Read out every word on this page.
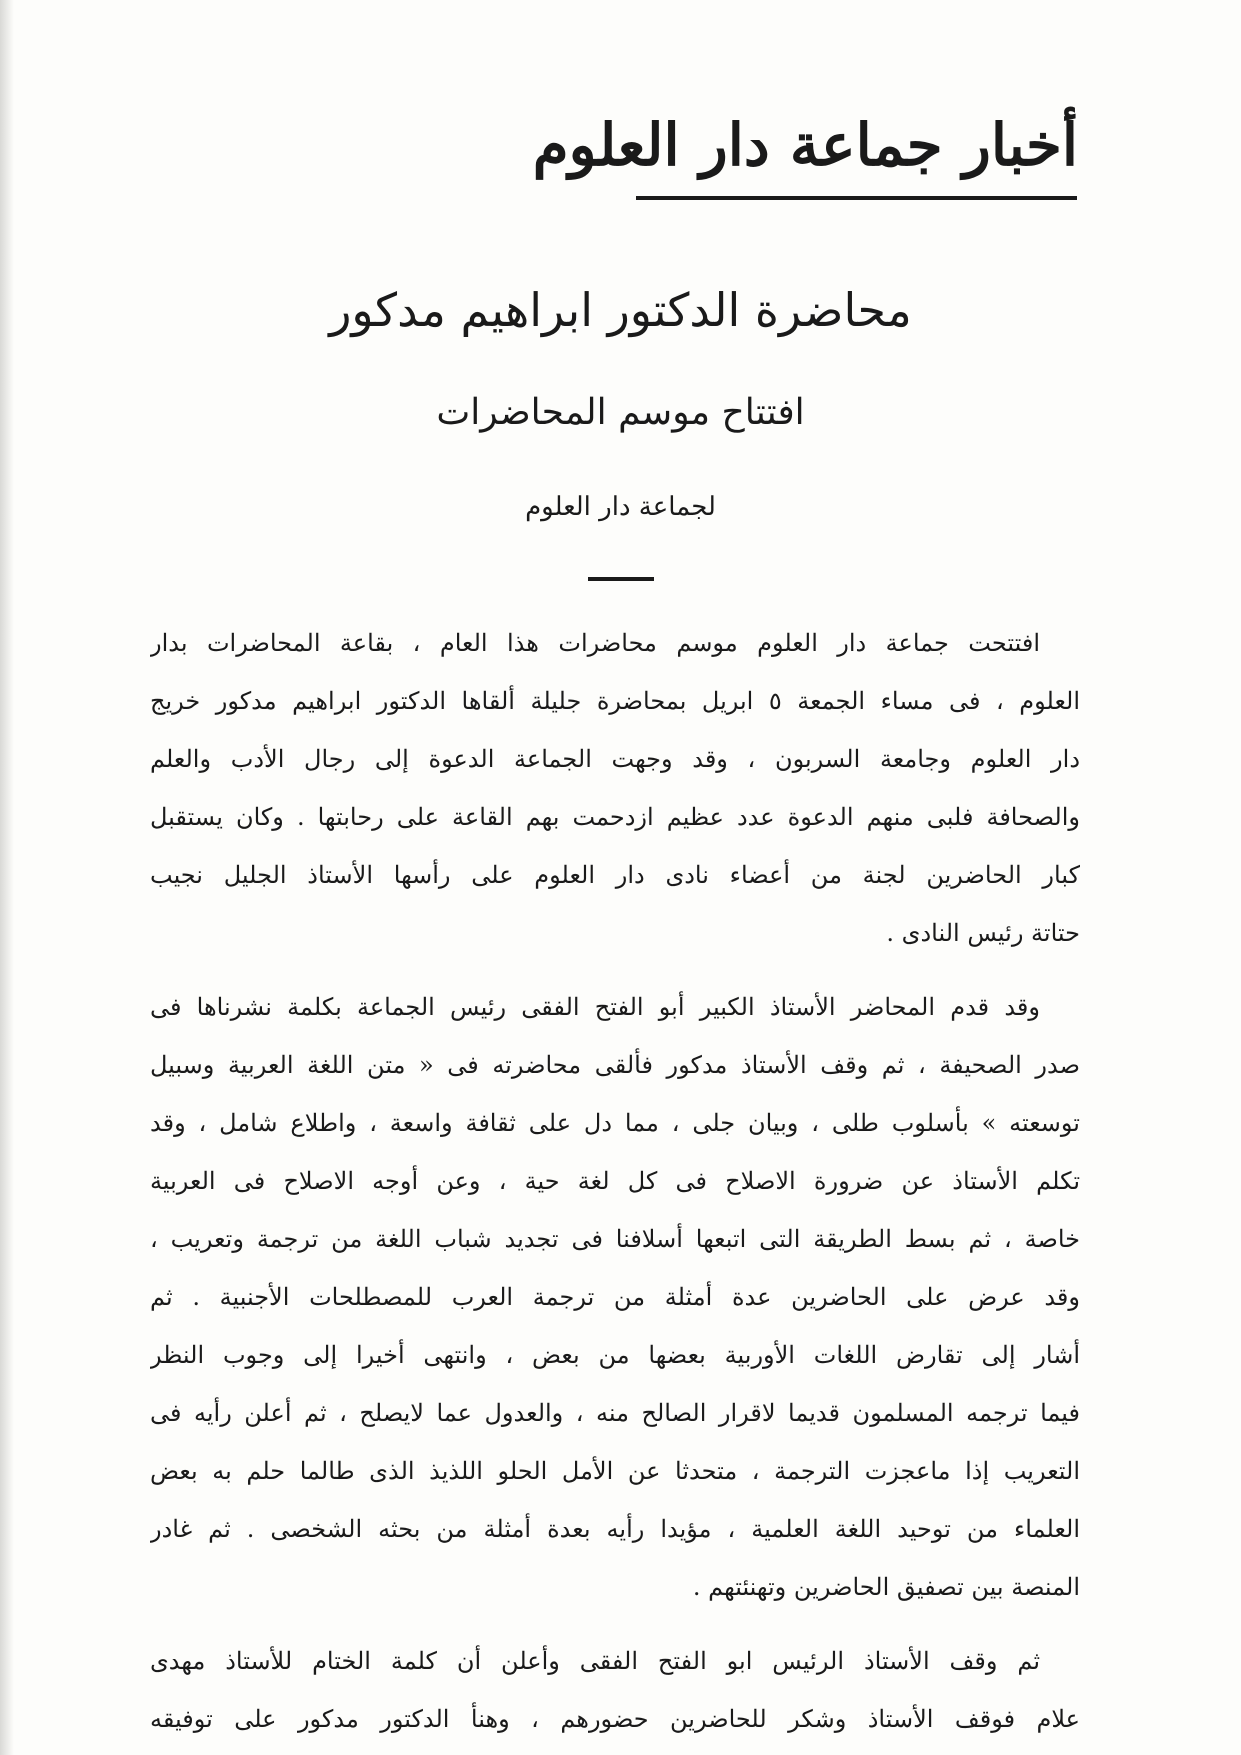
أخبار جماعة دار العلوم
محاضرة الدكتور ابراهيم مدكور
افتتاح موسم المحاضرات
لجماعة دار العلوم
افتتحت جماعة دار العلوم موسم محاضرات هذا العام ، بقاعة المحاضرات بدار
العلوم ، فى مساء الجمعة ٥ ابريل بمحاضرة جليلة ألقاها الدكتور ابراهيم مدكور خريج
دار العلوم وجامعة السربون ، وقد وجهت الجماعة الدعوة إلى رجال الأدب والعلم
والصحافة فلبى منهم الدعوة عدد عظيم ازدحمت بهم القاعة على رحابتها . وكان يستقبل
كبار الحاضرين لجنة من أعضاء نادى دار العلوم على رأسها الأستاذ الجليل نجيب
حتاتة رئيس النادى .
وقد قدم المحاضر الأستاذ الكبير أبو الفتح الفقى رئيس الجماعة بكلمة نشرناها فى
صدر الصحيفة ، ثم وقف الأستاذ مدكور فألقى محاضرته فى « متن اللغة العربية وسبيل
توسعته » بأسلوب طلى ، وبيان جلى ، مما دل على ثقافة واسعة ، واطلاع شامل ، وقد
تكلم الأستاذ عن ضرورة الاصلاح فى كل لغة حية ، وعن أوجه الاصلاح فى العربية
خاصة ، ثم بسط الطريقة التى اتبعها أسلافنا فى تجديد شباب اللغة من ترجمة وتعريب ،
وقد عرض على الحاضرين عدة أمثلة من ترجمة العرب للمصطلحات الأجنبية . ثم
أشار إلى تقارض اللغات الأوربية بعضها من بعض ، وانتهى أخيرا إلى وجوب النظر
فيما ترجمه المسلمون قديما لاقرار الصالح منه ، والعدول عما لايصلح ، ثم أعلن رأيه فى
التعريب إذا ماعجزت الترجمة ، متحدثا عن الأمل الحلو اللذيذ الذى طالما حلم به بعض
العلماء من توحيد اللغة العلمية ، مؤيدا رأيه بعدة أمثلة من بحثه الشخصى . ثم غادر
المنصة بين تصفيق الحاضرين وتهنئتهم .
ثم وقف الأستاذ الرئيس ابو الفتح الفقى وأعلن أن كلمة الختام للأستاذ مهدى
علام فوقف الأستاذ وشكر للحاضرين حضورهم ، وهنأ الدكتور مدكور على توفيقه
